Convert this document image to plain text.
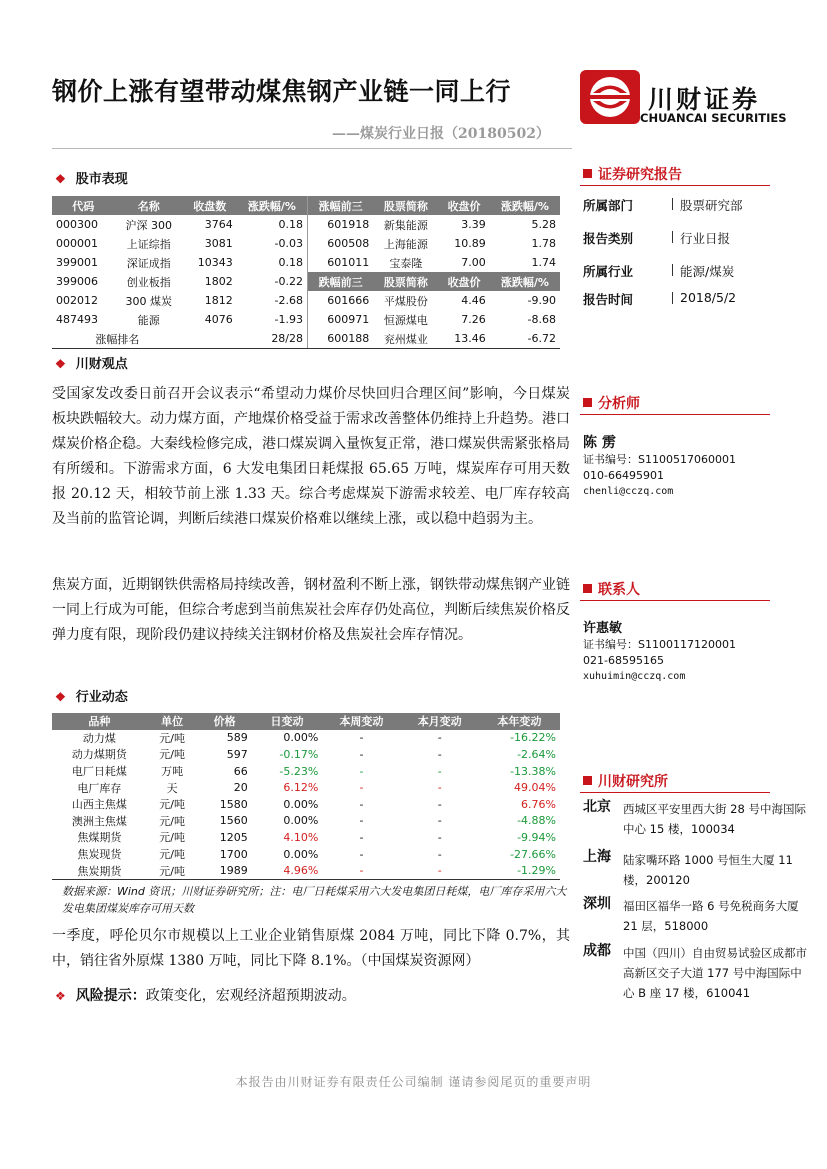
钢价上涨有望带动煤焦钢产业链一同上行
——煤炭行业日报（20180502）
川财证券
CHUANCAI SECURITIES
❖ 股市表现
代码	名称	收盘数	涨跌幅/%	涨幅前三	股票简称	收盘价	涨跌幅/%
000300	沪深 300	3764	0.18	601918	新集能源	3.39	5.28
000001	上证综指	3081	-0.03	600508	上海能源	10.89	1.78
399001	深证成指	10343	0.18	601011	宝泰隆	7.00	1.74
399006	创业板指	1802	-0.22	跌幅前三	股票简称	收盘价	涨跌幅/%
002012	300 煤炭	1812	-2.68	601666	平煤股份	4.46	-9.90
487493	能源	4076	-1.93	600971	恒源煤电	7.26	-8.68
涨幅排名		28/28		600188	兖州煤业	13.46	-6.72
❖ 川财观点
受国家发改委日前召开会议表示“希望动力煤价尽快回归合理区间”影响，今日煤炭板块跌幅较大。动力煤方面，产地煤价格受益于需求改善整体仍维持上升趋势。港口煤炭价格企稳。大秦线检修完成，港口煤炭调入量恢复正常，港口煤炭供需紧张格局有所缓和。下游需求方面，6 大发电集团日耗煤报 65.65 万吨，煤炭库存可用天数报 20.12 天，相较节前上涨 1.33 天。综合考虑煤炭下游需求较差、电厂库存较高及当前的监管论调，判断后续港口煤炭价格难以继续上涨，或以稳中趋弱为主。
焦炭方面，近期钢铁供需格局持续改善，钢材盈利不断上涨，钢铁带动煤焦钢产业链一同上行成为可能，但综合考虑到当前焦炭社会库存仍处高位，判断后续焦炭价格反弹力度有限，现阶段仍建议持续关注钢材价格及焦炭社会库存情况。
❖ 行业动态
品种	单位	价格	日变动	本周变动	本月变动	本年变动
动力煤	元/吨	589	0.00%	-	-	-16.22%
动力煤期货	元/吨	597	-0.17%	-	-	-2.64%
电厂日耗煤	万吨	66	-5.23%	-	-	-13.38%
电厂库存	天	20	6.12%	-	-	49.04%
山西主焦煤	元/吨	1580	0.00%	-	-	6.76%
澳洲主焦煤	元/吨	1560	0.00%	-	-	-4.88%
焦煤期货	元/吨	1205	4.10%	-	-	-9.94%
焦炭现货	元/吨	1700	0.00%	-	-	-27.66%
焦炭期货	元/吨	1989	4.96%	-	-	-1.29%
数据来源：Wind 资讯；川财证券研究所；注：电厂日耗煤采用六大发电集团日耗煤，电厂库存采用六大发电集团煤炭库存可用天数
一季度，呼伦贝尔市规模以上工业企业销售原煤 2084 万吨，同比下降 0.7%，其中，销往省外原煤 1380 万吨，同比下降 8.1%。（中国煤炭资源网）
❖ 风险提示：政策变化，宏观经济超预期波动。
证券研究报告
所属部门	股票研究部
报告类别	行业日报
所属行业	能源/煤炭
报告时间	2018/5/2
分析师
陈 雳
证书编号：S1100517060001
010-66495901
chenli@cczq.com
联系人
许惠敏
证书编号：S1100117120001
021-68595165
xuhuimin@cczq.com
川财研究所
北京 西城区平安里西大街 28 号中海国际中心 15 楼，100034
上海 陆家嘴环路 1000 号恒生大厦 11 楼，200120
深圳 福田区福华一路 6 号免税商务大厦 21 层，518000
成都 中国（四川）自由贸易试验区成都市高新区交子大道 177 号中海国际中心 B 座 17 楼，610041
本报告由川财证券有限责任公司编制 谨请参阅尾页的重要声明
